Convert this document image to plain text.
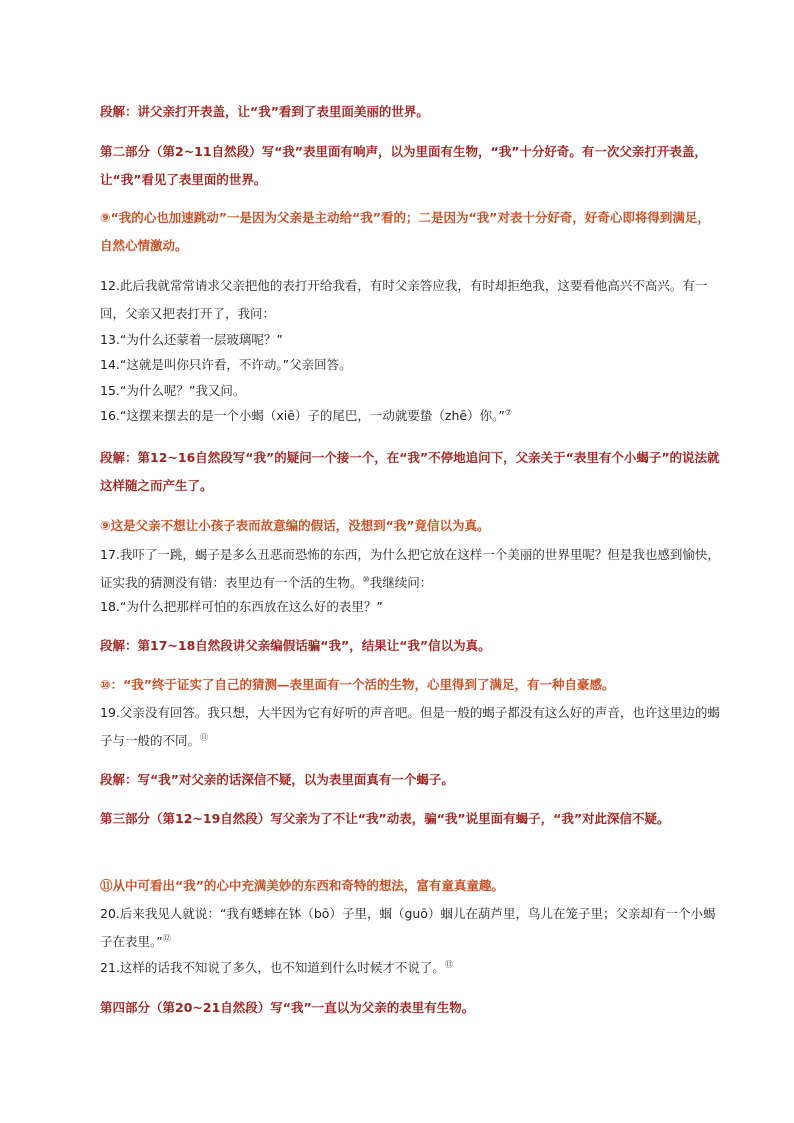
段解：讲父亲打开表盖，让“我”看到了表里面美丽的世界。
第二部分（第2~11自然段）写“我”表里面有响声，以为里面有生物，“我”十分好奇。有一次父亲打开表盖，让“我”看见了表里面的世界。
⑨“我的心也加速跳动”一是因为父亲是主动给“我”看的；二是因为“我”对表十分好奇，好奇心即将得到满足，自然心情激动。
12.此后我就常常请求父亲把他的表打开给我看，有时父亲答应我，有时却拒绝我，这要看他高兴不高兴。有一回，父亲又把表打开了，我问：
13.“为什么还蒙着一层玻璃呢？”
14.“这就是叫你只许看，不许动。”父亲回答。
15.“为什么呢？”我又问。
16.“这摆来摆去的是一个小蝎（xiē）子的尾巴，一动就要蛰（zhē）你。”⑦
段解：第12~16自然段写“我”的疑问一个接一个，在“我”不停地追问下，父亲关于“表里有个小蝎子”的说法就这样随之而产生了。
⑨这是父亲不想让小孩子表而故意编的假话，没想到“我”竟信以为真。
17.我吓了一跳，蝎子是多么丑恶而恐怖的东西，为什么把它放在这样一个美丽的世界里呢？但是我也感到愉快，证实我的猜测没有错：表里边有一个活的生物。⑩我继续问：
18.“为什么把那样可怕的东西放在这么好的表里？”
段解：第17~18自然段讲父亲编假话骗“我”，结果让“我”信以为真。
⑩：“我”终于证实了自己的猜测—表里面有一个活的生物，心里得到了满足，有一种自豪感。
19.父亲没有回答。我只想，大半因为它有好听的声音吧。但是一般的蝎子都没有这么好的声音，也许这里边的蝎子与一般的不同。⑪
段解：写“我”对父亲的话深信不疑，以为表里面真有一个蝎子。
第三部分（第12~19自然段）写父亲为了不让“我”动表，骗“我”说里面有蝎子，“我”对此深信不疑。
⑪从中可看出“我”的心中充满美妙的东西和奇特的想法，富有童真童趣。
20.后来我见人就说：“我有蟋蟀在钵（bō）子里，蝈（guō）蝈儿在葫芦里，鸟儿在笼子里；父亲却有一个小蝎子在表里。”⑫
21.这样的话我不知说了多久，也不知道到什么时候才不说了。⑬
第四部分（第20~21自然段）写“我”一直以为父亲的表里有生物。
